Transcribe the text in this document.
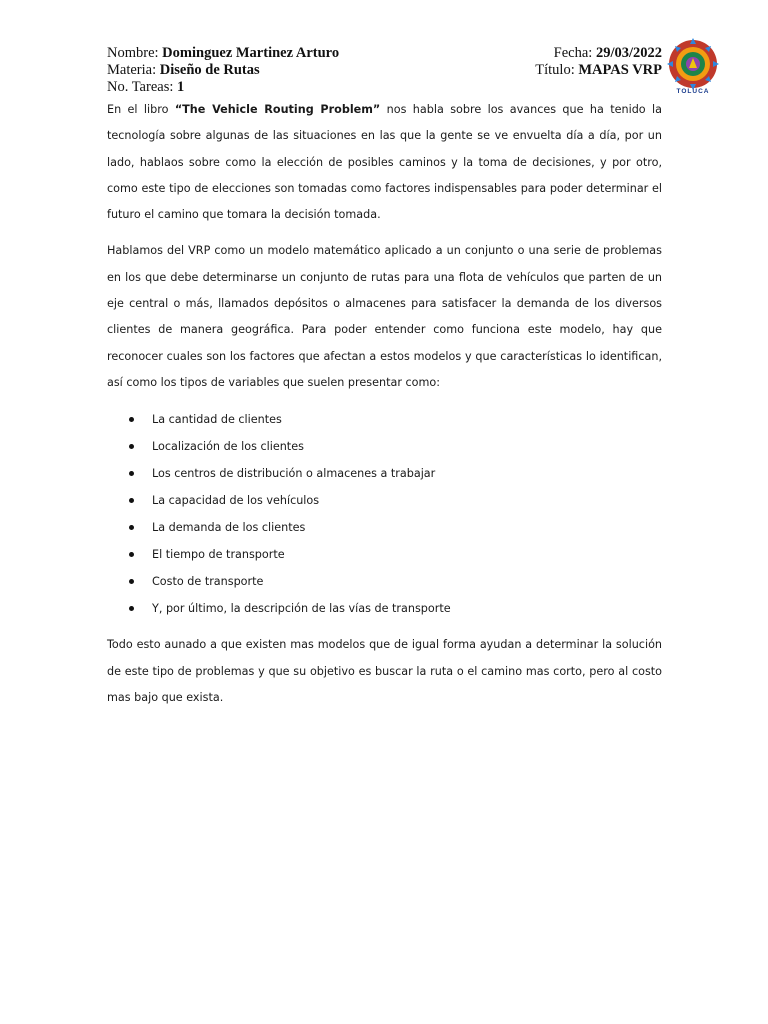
Nombre: Dominguez Martinez Arturo	Fecha: 29/03/2022
Materia: Diseño de Rutas	Título: MAPAS VRP
No. Tareas: 1	TOLUCA

En el libro “The Vehicle Routing Problem” nos habla sobre los avances que ha tenido la tecnología sobre algunas de las situaciones en las que la gente se ve envuelta día a día, por un lado, hablaos sobre como la elección de posibles caminos y la toma de decisiones, y por otro, como este tipo de elecciones son tomadas como factores indispensables para poder determinar el futuro el camino que tomara la decisión tomada.

Hablamos del VRP como un modelo matemático aplicado a un conjunto o una serie de problemas en los que debe determinarse un conjunto de rutas para una flota de vehículos que parten de un eje central o más, llamados depósitos o almacenes para satisfacer la demanda de los diversos clientes de manera geográfica. Para poder entender como funciona este modelo, hay que reconocer cuales son los factores que afectan a estos modelos y que características lo identifican, así como los tipos de variables que suelen presentar como:

La cantidad de clientes
Localización de los clientes
Los centros de distribución o almacenes a trabajar
La capacidad de los vehículos
La demanda de los clientes
El tiempo de transporte
Costo de transporte
Y, por último, la descripción de las vías de transporte

Todo esto aunado a que existen mas modelos que de igual forma ayudan a determinar la solución de este tipo de problemas y que su objetivo es buscar la ruta o el camino mas corto, pero al costo mas bajo que exista.
